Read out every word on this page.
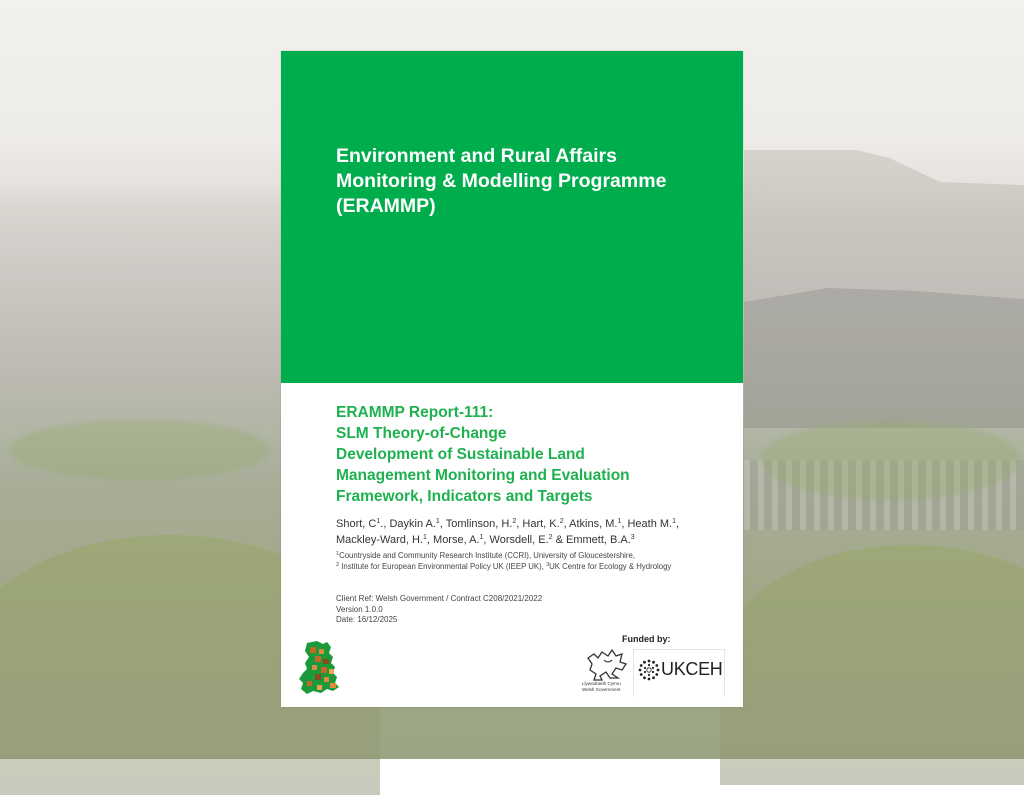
Environment and Rural Affairs
Monitoring & Modelling Programme
(ERAMMP)
ERAMMP Report-111:
SLM Theory-of-Change
Development of Sustainable Land
Management Monitoring and Evaluation
Framework, Indicators and Targets
Short, $C^1$., Daykin A.$^1$, Tomlinson, H.$^2$, Hart, K.$^2$, Atkins, M.$^1$, Heath M.$^1$,
Mackley-Ward, H.$^1$, Morse, A.$^1$, Worsdell, E.$^2$ & Emmett, B.A.$^3$
$^1$Countryside and Community Research Institute (CCRI), University of Gloucestershire,
$^2$ Institute for European Environmental Policy UK (IEEP UK), $^3$UK Centre for Ecology & Hydrology
Client Ref: Welsh Government / Contract C208/2021/2022
Version 1.0.0
Date: 16/12/2025
Funded by:
Llywodraeth Cymru
Welsh Government
UKCEH
